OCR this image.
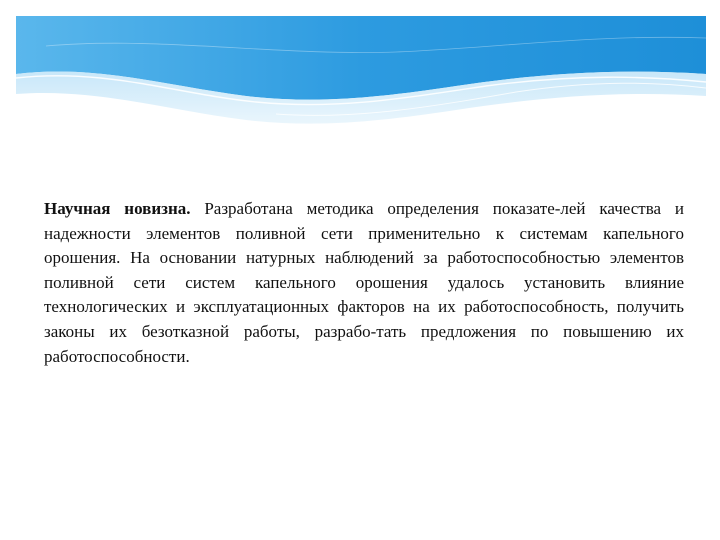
Научная новизна. Разработана методика определения показате-лей качества и надежности элементов поливной сети применительно к системам капельного орошения. На основании натурных наблюдений за работоспособностью элементов поливной сети систем капельного орошения удалось установить влияние технологических и эксплуатационных факторов на их работоспособность, получить законы их безотказной работы, разрабо-тать предложения по повышению их работоспособности.
